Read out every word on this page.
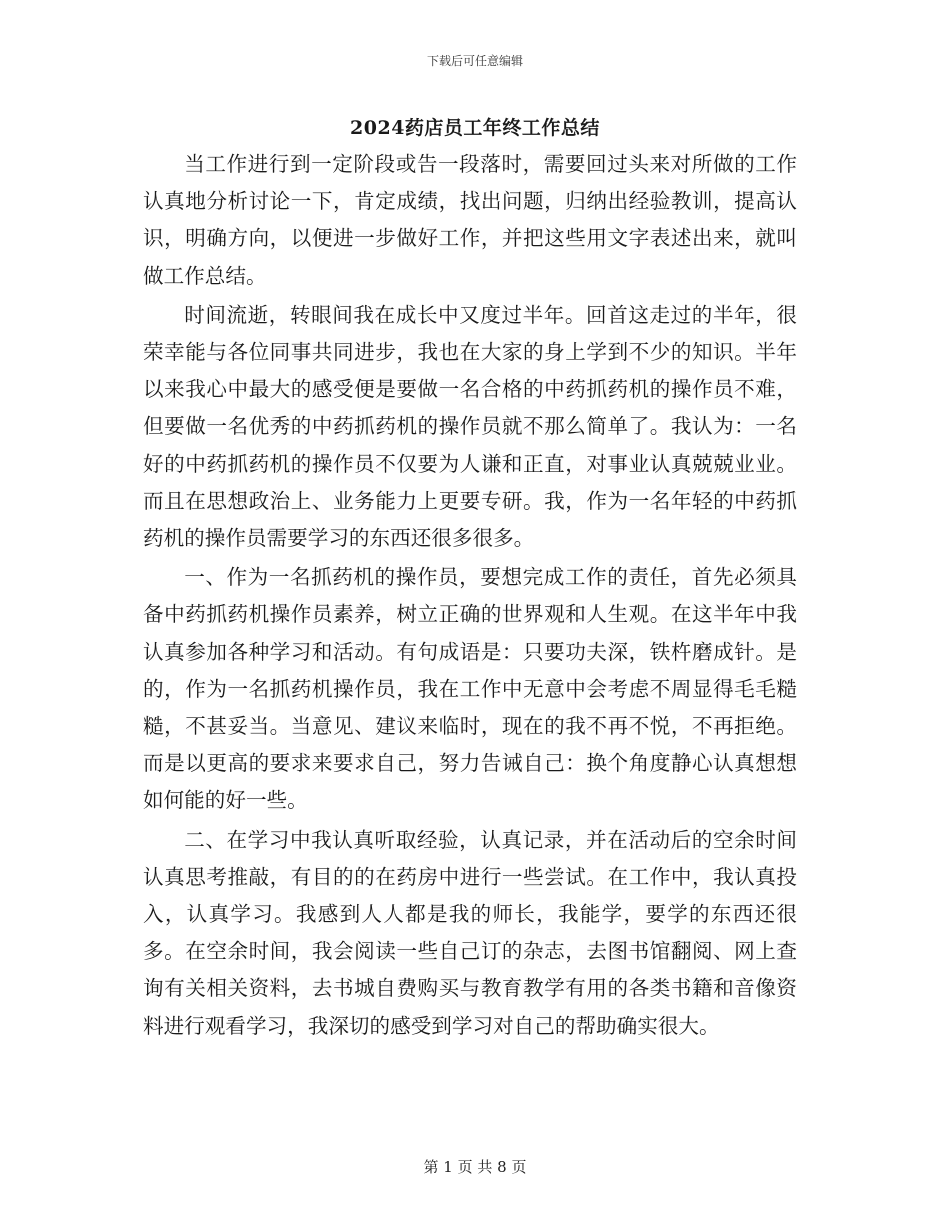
下载后可任意编辑
2024药店员工年终工作总结

当工作进行到一定阶段或告一段落时，需要回过头来对所做的工作认真地分析讨论一下，肯定成绩，找出问题，归纳出经验教训，提高认识，明确方向，以便进一步做好工作，并把这些用文字表述出来，就叫做工作总结。

时间流逝，转眼间我在成长中又度过半年。回首这走过的半年，很荣幸能与各位同事共同进步，我也在大家的身上学到不少的知识。半年以来我心中最大的感受便是要做一名合格的中药抓药机的操作员不难，但要做一名优秀的中药抓药机的操作员就不那么简单了。我认为：一名好的中药抓药机的操作员不仅要为人谦和正直，对事业认真兢兢业业。而且在思想政治上、业务能力上更要专研。我，作为一名年轻的中药抓药机的操作员需要学习的东西还很多很多。

一、作为一名抓药机的操作员，要想完成工作的责任，首先必须具备中药抓药机操作员素养，树立正确的世界观和人生观。在这半年中我认真参加各种学习和活动。有句成语是：只要功夫深，铁杵磨成针。是的，作为一名抓药机操作员，我在工作中无意中会考虑不周显得毛毛糙糙，不甚妥当。当意见、建议来临时，现在的我不再不悦，不再拒绝。而是以更高的要求来要求自己，努力告诫自己：换个角度静心认真想想如何能的好一些。

二、在学习中我认真听取经验，认真记录，并在活动后的空余时间认真思考推敲，有目的的在药房中进行一些尝试。在工作中，我认真投入，认真学习。我感到人人都是我的师长，我能学，要学的东西还很多。在空余时间，我会阅读一些自己订的杂志，去图书馆翻阅、网上查询有关相关资料，去书城自费购买与教育教学有用的各类书籍和音像资料进行观看学习，我深切的感受到学习对自己的帮助确实很大。

第 1 页 共 8 页
